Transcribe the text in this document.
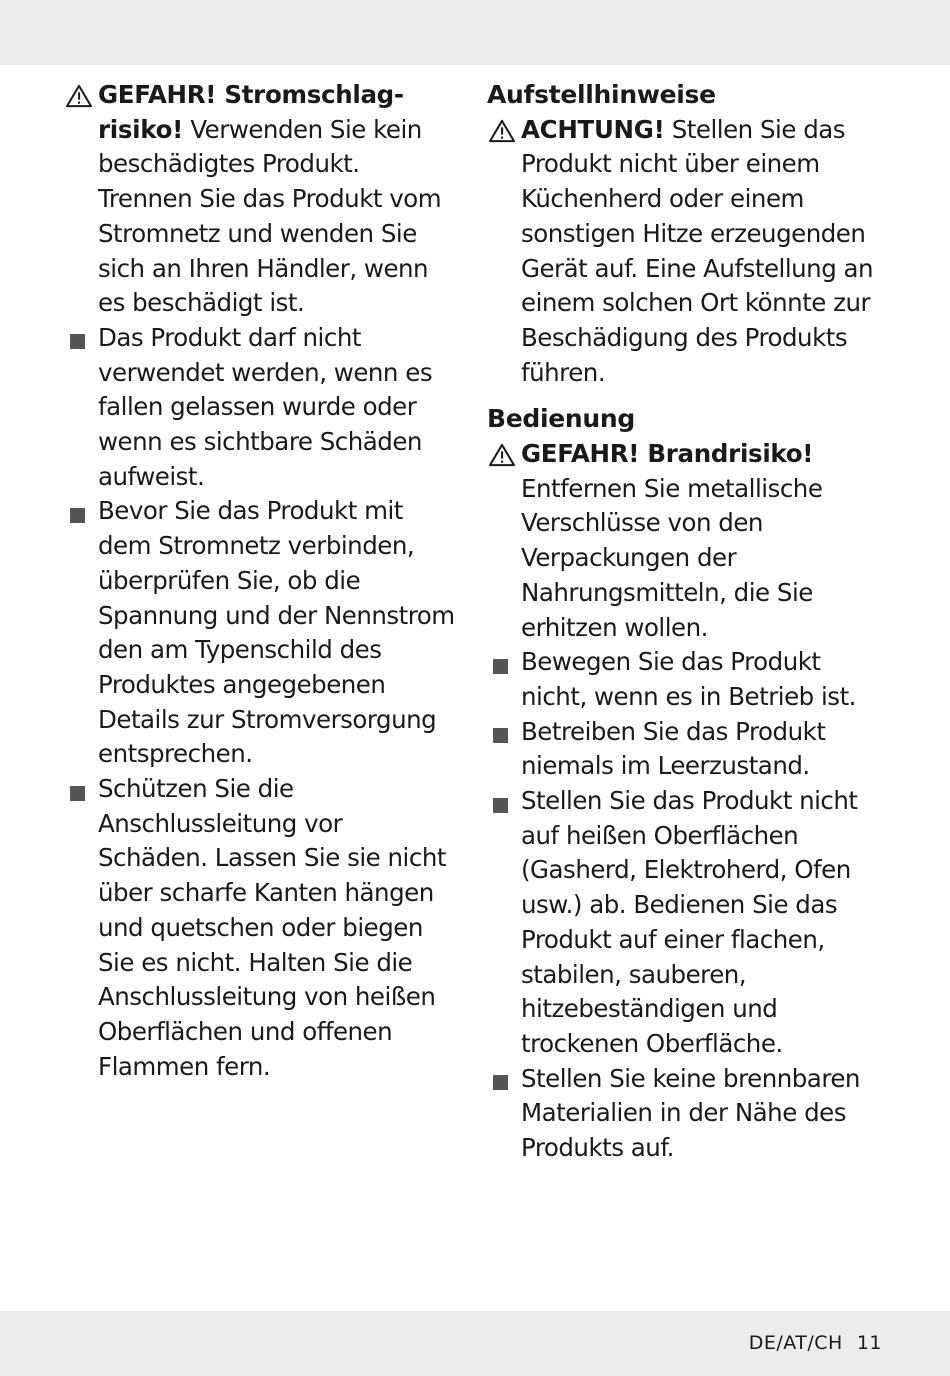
GEFAHR! Stromschlag-
risiko! Verwenden Sie kein beschädigtes Produkt. Trennen Sie das Produkt vom Stromnetz und wenden Sie sich an Ihren Händler, wenn es beschädigt ist.
Das Produkt darf nicht verwendet werden, wenn es fallen gelassen wurde oder wenn es sichtbare Schäden aufweist.
Bevor Sie das Produkt mit dem Stromnetz verbinden, überprüfen Sie, ob die Spannung und der Nennstrom den am Typenschild des Produktes angegebenen Details zur Stromversorgung entsprechen.
Schützen Sie die Anschlussleitung vor Schäden. Lassen Sie sie nicht über scharfe Kanten hängen und quetschen oder biegen Sie es nicht. Halten Sie die Anschlussleitung von heißen Oberflächen und offenen Flammen fern.
Aufstellhinweise
ACHTUNG! Stellen Sie das Produkt nicht über einem Küchenherd oder einem sonstigen Hitze erzeugenden Gerät auf. Eine Aufstellung an einem solchen Ort könnte zur Beschädigung des Produkts führen.
Bedienung
GEFAHR! Brandrisiko!
Entfernen Sie metallische Verschlüsse von den Verpackungen der Nahrungsmitteln, die Sie erhitzen wollen.
Bewegen Sie das Produkt nicht, wenn es in Betrieb ist.
Betreiben Sie das Produkt niemals im Leerzustand.
Stellen Sie das Produkt nicht auf heißen Oberflächen (Gasherd, Elektroherd, Ofen usw.) ab. Bedienen Sie das Produkt auf einer flachen, stabilen, sauberen, hitzebeständigen und trockenen Oberfläche.
Stellen Sie keine brennbaren Materialien in der Nähe des Produkts auf.
DE/AT/CH 11
